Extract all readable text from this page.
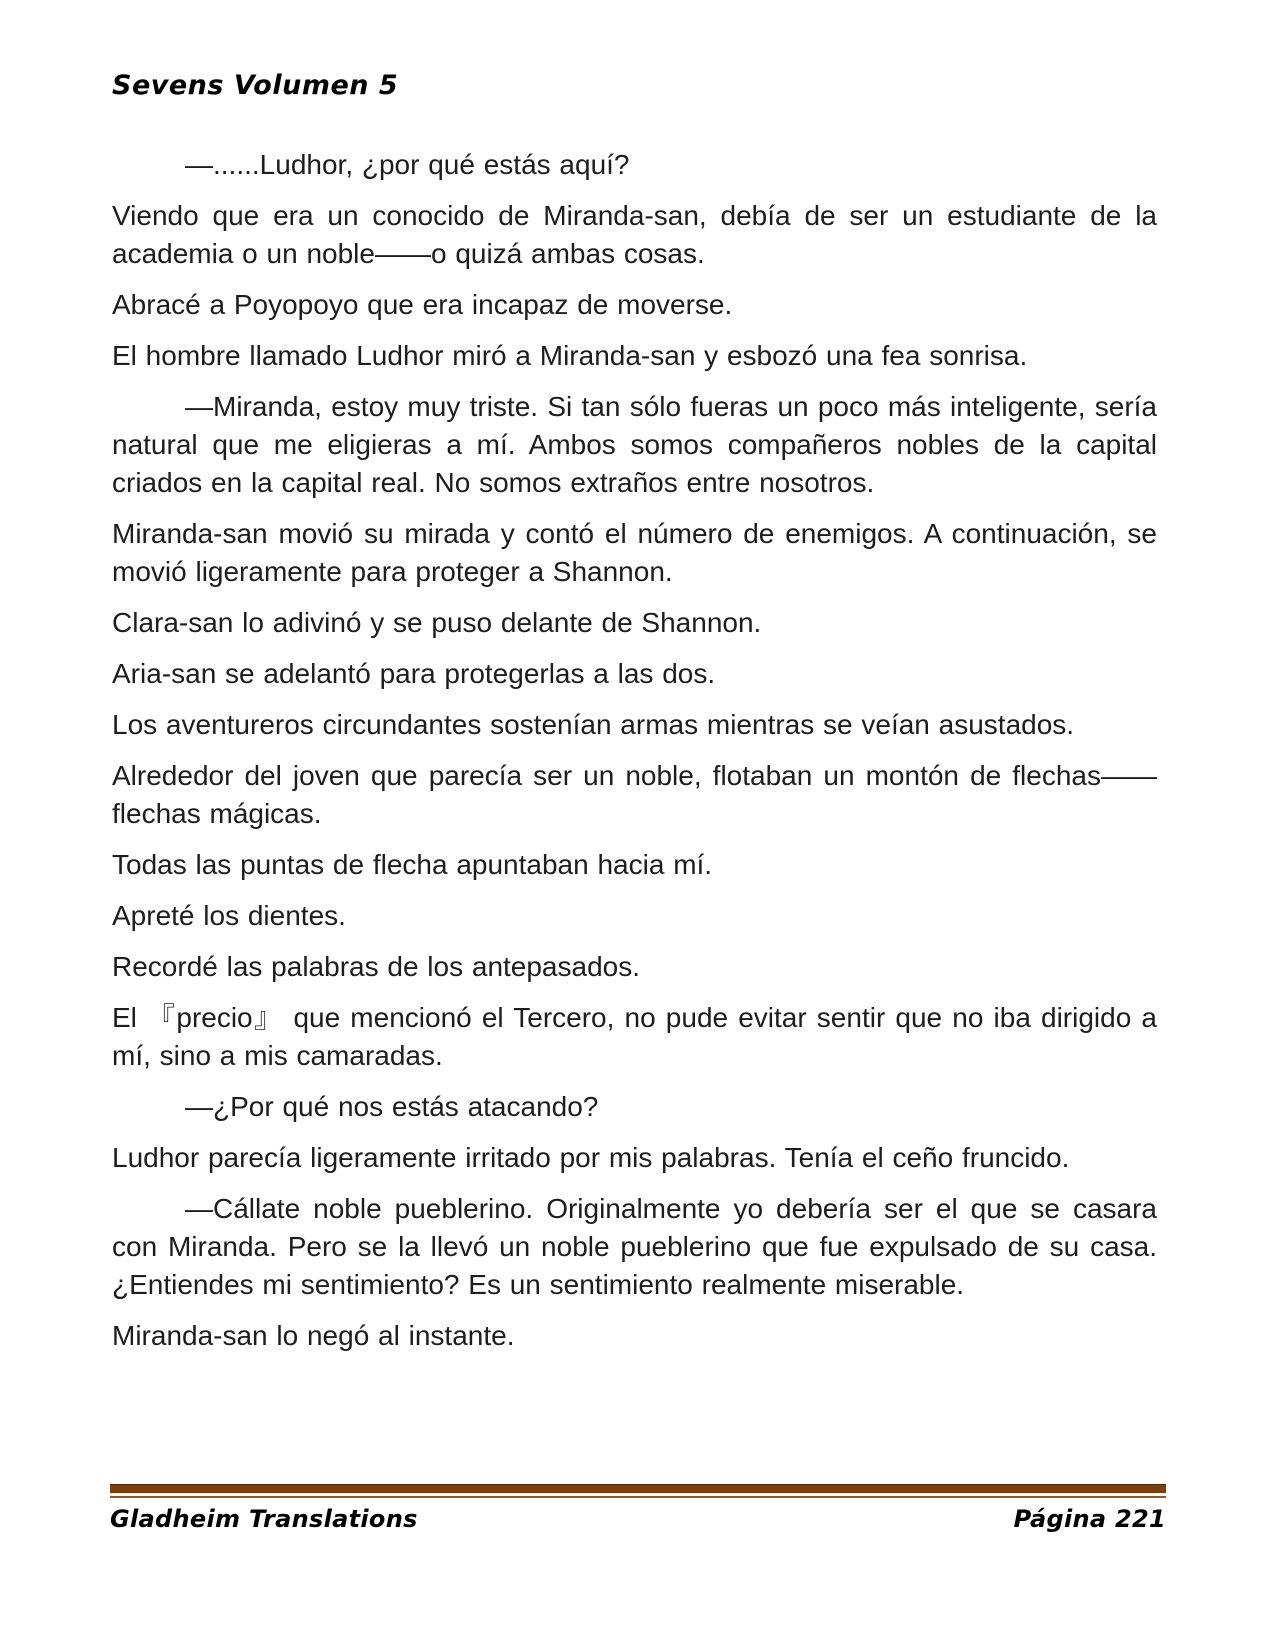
Sevens Volumen 5

—......Ludhor, ¿por qué estás aquí?

Viendo que era un conocido de Miranda-san, debía de ser un estudiante de la academia o un noble——o quizá ambas cosas.

Abracé a Poyopoyo que era incapaz de moverse.

El hombre llamado Ludhor miró a Miranda-san y esbozó una fea sonrisa.

—Miranda, estoy muy triste. Si tan sólo fueras un poco más inteligente, sería natural que me eligieras a mí. Ambos somos compañeros nobles de la capital criados en la capital real. No somos extraños entre nosotros.

Miranda-san movió su mirada y contó el número de enemigos. A continuación, se movió ligeramente para proteger a Shannon.

Clara-san lo adivinó y se puso delante de Shannon.

Aria-san se adelantó para protegerlas a las dos.

Los aventureros circundantes sostenían armas mientras se veían asustados.

Alrededor del joven que parecía ser un noble, flotaban un montón de flechas——flechas mágicas.

Todas las puntas de flecha apuntaban hacia mí.

Apreté los dientes.

Recordé las palabras de los antepasados.

El 『precio』 que mencionó el Tercero, no pude evitar sentir que no iba dirigido a mí, sino a mis camaradas.

—¿Por qué nos estás atacando?

Ludhor parecía ligeramente irritado por mis palabras. Tenía el ceño fruncido.

—Cállate noble pueblerino. Originalmente yo debería ser el que se casara con Miranda. Pero se la llevó un noble pueblerino que fue expulsado de su casa. ¿Entiendes mi sentimiento? Es un sentimiento realmente miserable.

Miranda-san lo negó al instante.

Gladheim Translations	Página 221
